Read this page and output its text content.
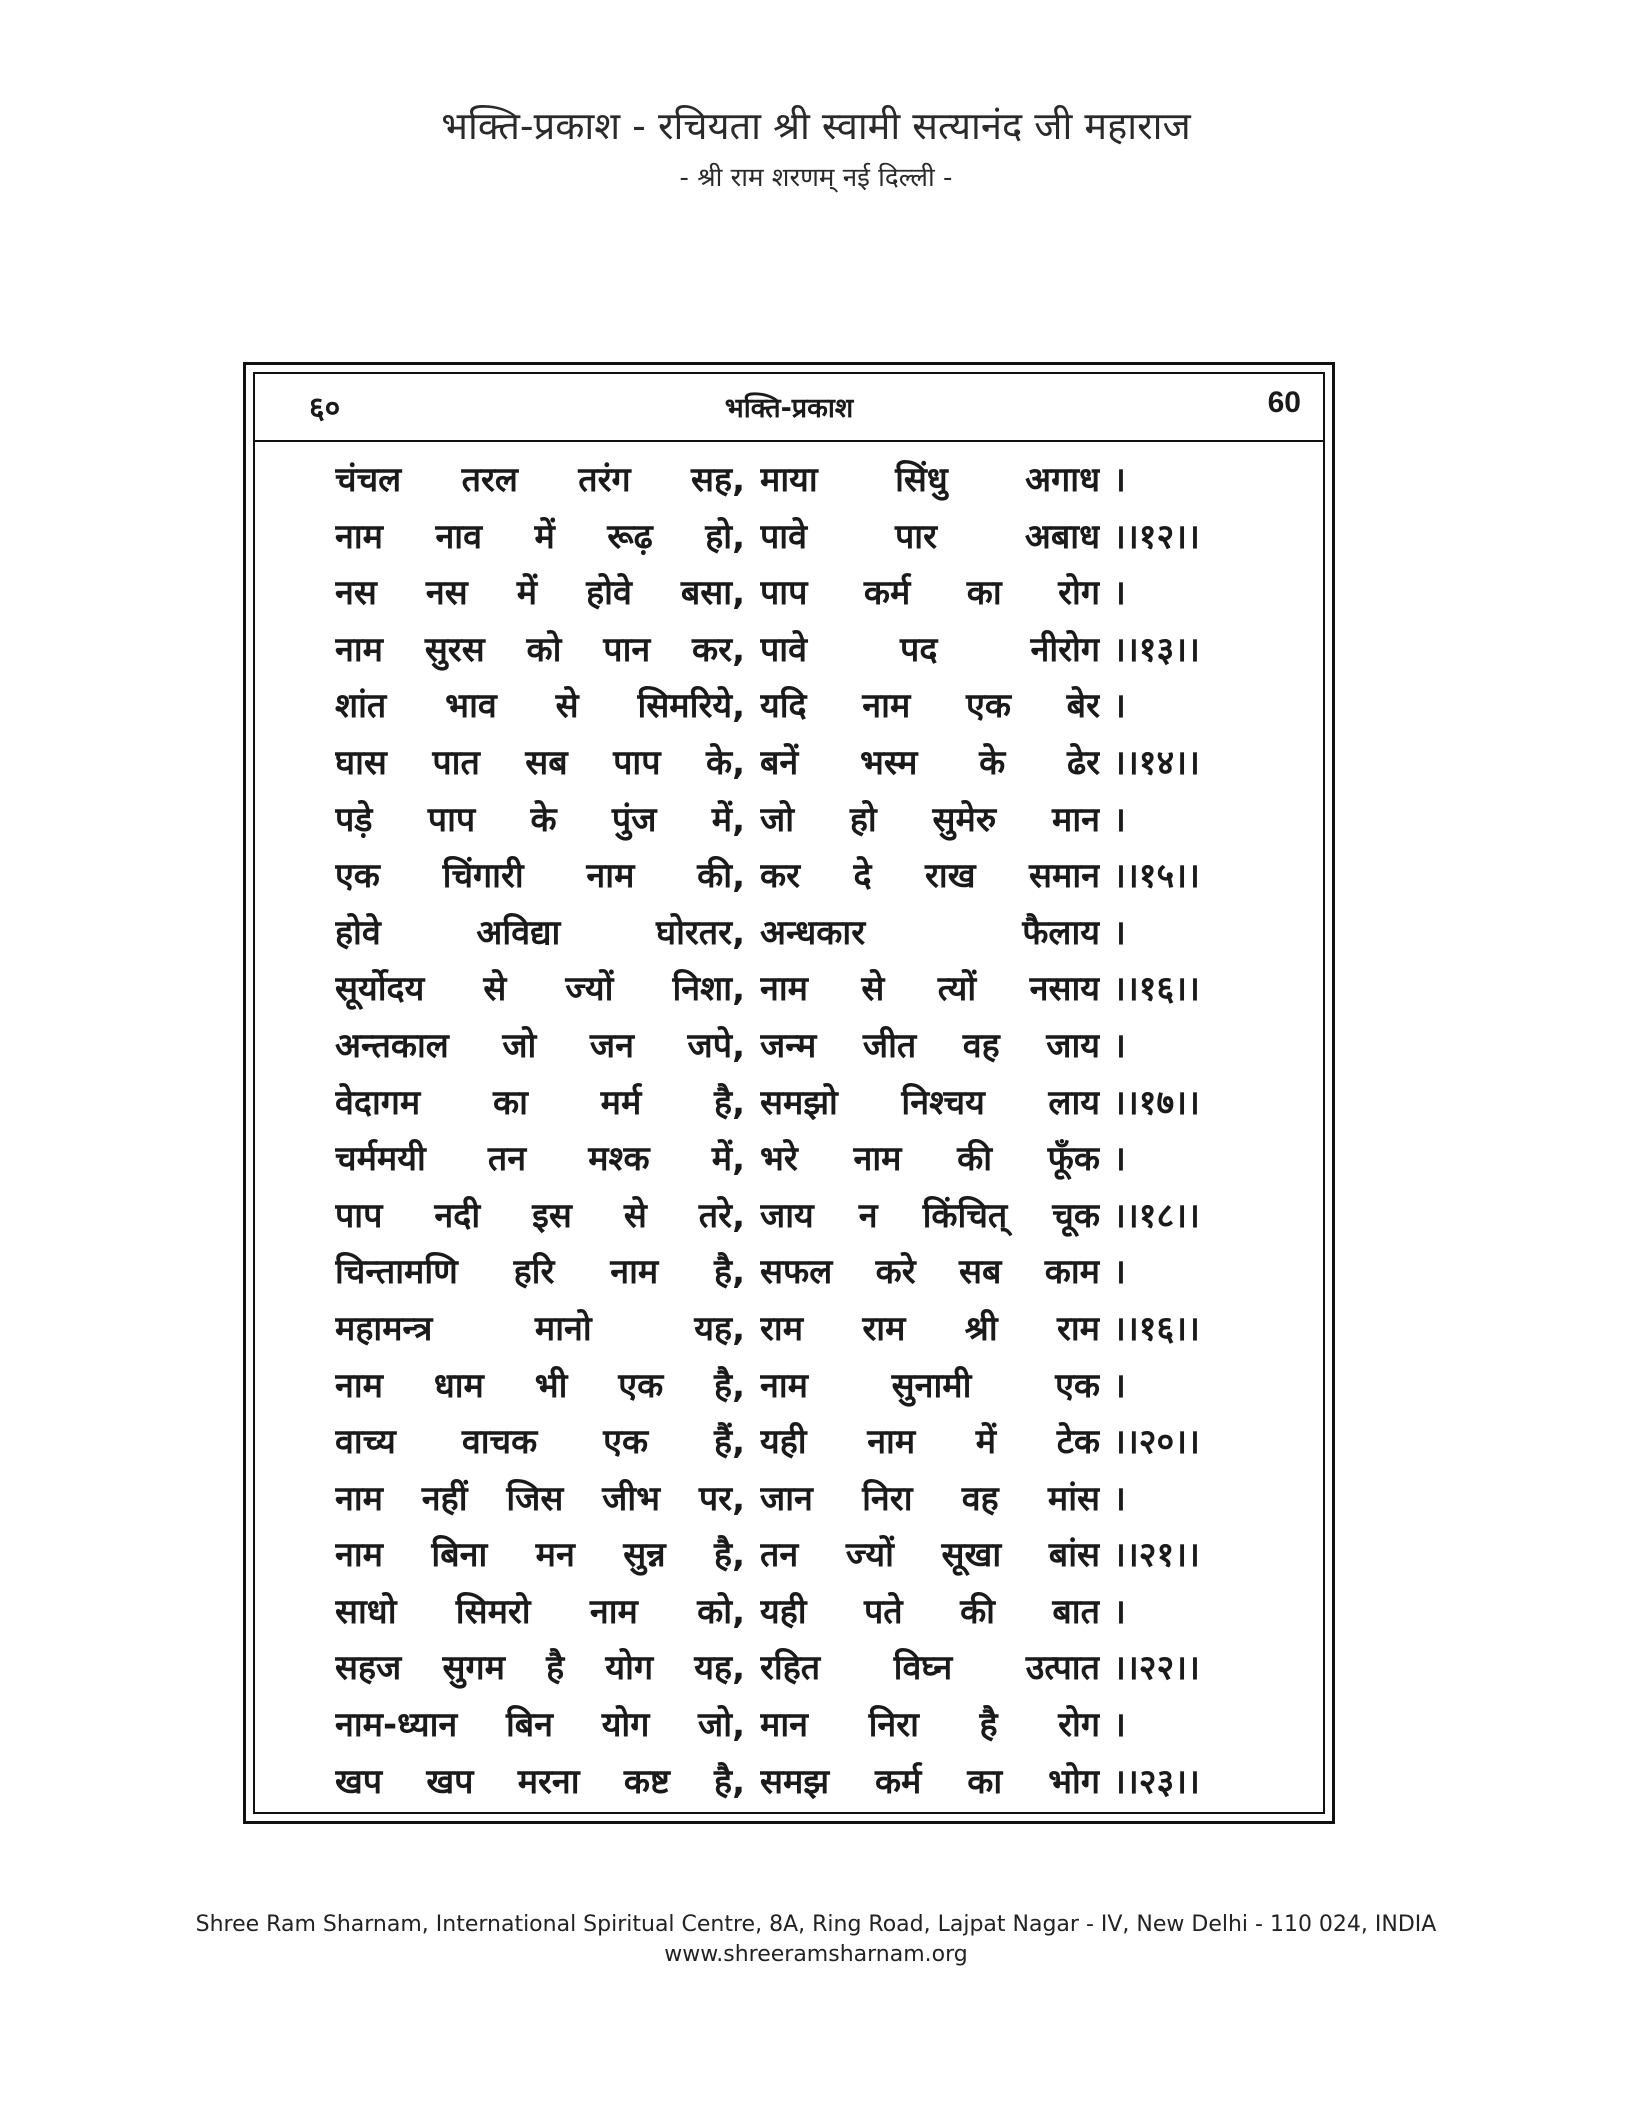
भक्ति-प्रकाश - रचियता श्री स्वामी सत्यानंद जी महाराज
- श्री राम शरणम् नई दिल्ली -
६०	भक्ति-प्रकाश	60
चंचल तरल तरंग सह, माया सिंधु अगाध ।
नाम नाव में रूढ़ हो, पावे पार अबाध ।।१२।।
नस नस में होवे बसा, पाप कर्म का रोग ।
नाम सुरस को पान कर, पावे पद नीरोग ।।१३।।
शांत भाव से सिमरिये, यदि नाम एक बेर ।
घास पात सब पाप के, बनें भस्म के ढेर ।।१४।।
पड़े पाप के पुंज में, जो हो सुमेरु मान ।
एक चिंगारी नाम की, कर दे राख समान ।।१५।।
होवे अविद्या घोरतर, अन्धकार फैलाय ।
सूर्योदय से ज्यों निशा, नाम से त्यों नसाय ।।१६।।
अन्तकाल जो जन जपे, जन्म जीत वह जाय ।
वेदागम का मर्म है, समझो निश्चय लाय ।।१७।।
चर्ममयी तन मश्क में, भरे नाम की फूँक ।
पाप नदी इस से तरे, जाय न किंचित् चूक ।।१८।।
चिन्तामणि हरि नाम है, सफल करे सब काम ।
महामन्त्र मानो यह, राम राम श्री राम ।।१६।।
नाम धाम भी एक है, नाम सुनामी एक ।
वाच्य वाचक एक हैं, यही नाम में टेक ।।२०।।
नाम नहीं जिस जीभ पर, जान निरा वह मांस ।
नाम बिना मन सुन्न है, तन ज्यों सूखा बांस ।।२१।।
साधो सिमरो नाम को, यही पते की बात ।
सहज सुगम है योग यह, रहित विघ्न उत्पात ।।२२।।
नाम-ध्यान बिन योग जो, मान निरा है रोग ।
खप खप मरना कष्ट है, समझ कर्म का भोग ।।२३।।
Shree Ram Sharnam, International Spiritual Centre, 8A, Ring Road, Lajpat Nagar - IV, New Delhi - 110 024, INDIA
www.shreeramsharnam.org
